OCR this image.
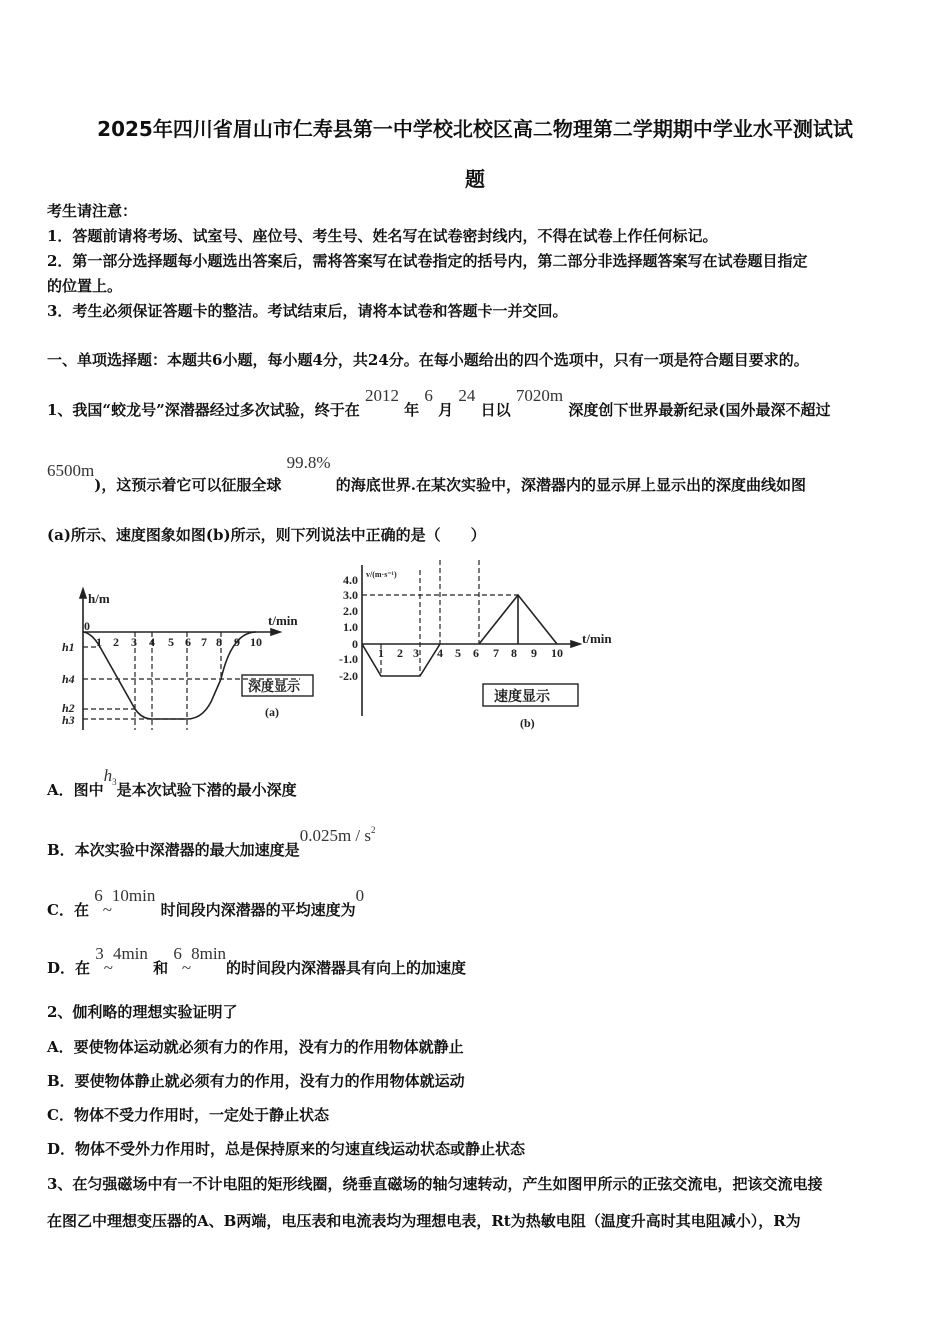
2025年四川省眉山市仁寿县第一中学校北校区高二物理第二学期期中学业水平测试试
题
考生请注意：
1．答题前请将考场、试室号、座位号、考生号、姓名写在试卷密封线内，不得在试卷上作任何标记。
2．第一部分选择题每小题选出答案后，需将答案写在试卷指定的括号内，第二部分非选择题答案写在试卷题目指定
的位置上。
3．考生必须保证答题卡的整洁。考试结束后，请将本试卷和答题卡一并交回。
一、单项选择题：本题共6小题，每小题4分，共24分。在每小题给出的四个选项中，只有一项是符合题目要求的。
1、我国“蛟龙号”深潜器经过多次试验，终于在 2012 年 6 月 24 日以 7020m 深度创下世界最新纪录(国外最深不超过
6500m)，这预示着它可以征服全球 99.8% 的海底世界.在某次实验中，深潜器内的显示屏上显示出的深度曲线如图
(a)所示、速度图象如图(b)所示，则下列说法中正确的是（　　）
h/m
t/min
0
1 2 3 4 5 6 7 8 9 10
h1
h4
h2
h3
深度显示
(a)
v/(m·s⁻¹)
t/min
4.0
3.0
2.0
1.0
0
-1.0
-2.0
1 2 3 4 5 6 7 8 9 10
速度显示
(b)
A．图中$h^3$是本次试验下潜的最小深度
B．本次实验中深潜器的最大加速度是$0.025m / s^2$
C．在 6~10min 时间段内深潜器的平均速度为0
D．在 3~4min 和 6~8min的时间段内深潜器具有向上的加速度
2、伽利略的理想实验证明了
A．要使物体运动就必须有力的作用，没有力的作用物体就静止
B．要使物体静止就必须有力的作用，没有力的作用物体就运动
C．物体不受力作用时，一定处于静止状态
D．物体不受外力作用时，总是保持原来的匀速直线运动状态或静止状态
3、在匀强磁场中有一不计电阻的矩形线圈，绕垂直磁场的轴匀速转动，产生如图甲所示的正弦交流电，把该交流电接
在图乙中理想变压器的A、B两端，电压表和电流表均为理想电表，Rt为热敏电阻（温度升高时其电阻减小），R为
